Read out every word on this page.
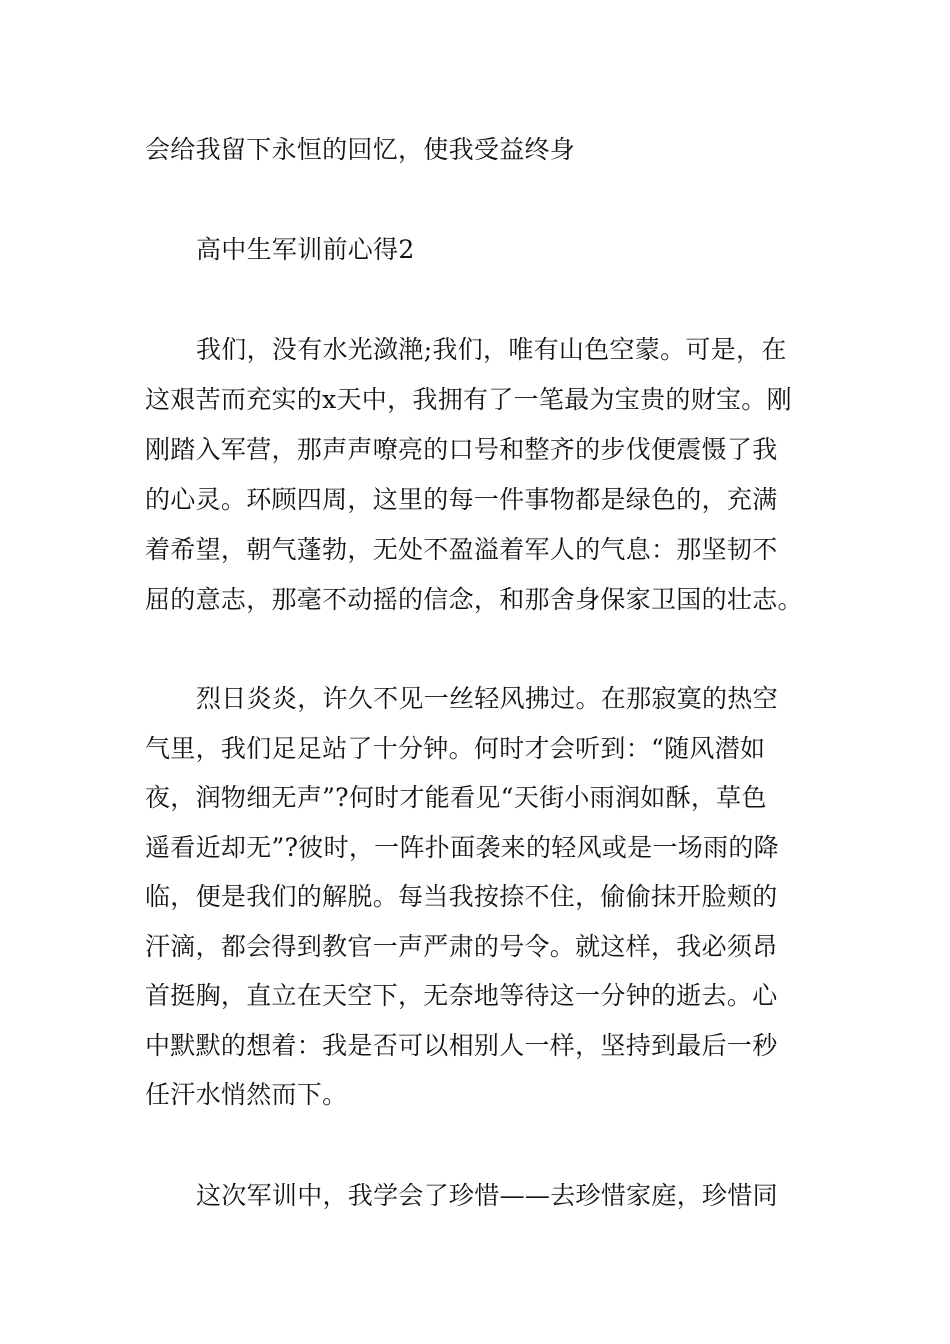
会给我留下永恒的回忆，使我受益终身
高中生军训前心得2
我们，没有水光潋滟;我们，唯有山色空蒙。可是，在
这艰苦而充实的x天中，我拥有了一笔最为宝贵的财宝。刚
刚踏入军营，那声声嘹亮的口号和整齐的步伐便震慑了我
的心灵。环顾四周，这里的每一件事物都是绿色的，充满
着希望，朝气蓬勃，无处不盈溢着军人的气息：那坚韧不
屈的意志，那毫不动摇的信念，和那舍身保家卫国的壮志。
烈日炎炎，许久不见一丝轻风拂过。在那寂寞的热空
气里，我们足足站了十分钟。何时才会听到：“随风潜如
夜，润物细无声”?何时才能看见“天街小雨润如酥，草色
遥看近却无”?彼时，一阵扑面袭来的轻风或是一场雨的降
临，便是我们的解脱。每当我按捺不住，偷偷抹开脸颊的
汗滴，都会得到教官一声严肃的号令。就这样，我必须昂
首挺胸，直立在天空下，无奈地等待这一分钟的逝去。心
中默默的想着：我是否可以相别人一样，坚持到最后一秒
任汗水悄然而下。
这次军训中，我学会了珍惜——去珍惜家庭，珍惜同
